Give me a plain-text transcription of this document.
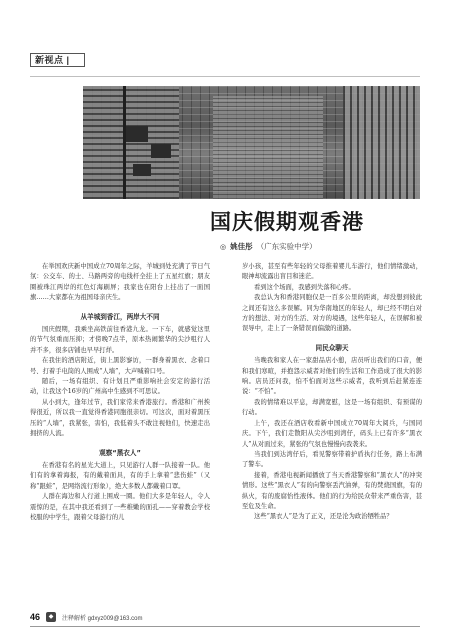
新视点 |
国庆假期观香港
◎ 姚佳彤 （广东实验中学）

在举国欢庆新中国成立70周年之际，羊城到处充满了节日气氛：公交车、的士、马路两旁的电线杆全挂上了五星红旗；朋友圈被珠江两岸的红色灯海刷屏；我家也在阳台上挂出了一面国旗……大家都在为祖国母亲庆生。

从羊城到香江，两岸大不同

国庆假期，我乘坐高铁前往香港九龙。一下车，就感觉这里的节气氛重而压抑；才傍晚7点半，原本热闹繁华的尖沙咀行人并不多，很多店铺也早早打烊。

在我住的酒店附近，街上黑影寥访，一群身着黑衣、念着口号、打着手电筒的人围成“人墙”，大声喊着口号。

随后，一场有组织、有计划且严重影响社会安定的游行活动，让我这个16岁的广州高中生感到不可思议。

从小到大，逢年过节，我们家常来香港旅行。香港和广州挨得很近，所以我一直觉得香港同胞很亲切。可这次，面对着黑压压的“人墙”，我紧张，害怕，我低着头不敢注视他们，快速走出拥挤的人流。

观察“黑衣人”

在香港有名的星光大道上，只见游行人群一队接着一队。他们有的拿着海报，有的戴着面具，有的手上拿着“悲伤蛙”（又称“跟蛙”，是网络流行形象），绝大多数人都戴着口罩。

人群在海边和人行道上围成一圈。他们大多是年轻人，令人震惊的是，在其中我还看到了一些稚嫩的面孔——穿着教会学校校服的中学生，跟着父母游行的儿

岁小孩，甚至有些年轻的父母推着婴儿车游行，他们情绪激动，眼神却流露出盲目和迷茫。

看到这个场面，我感到失落和心疼。

我总认为和香港同胞仅是一百多公里的距离，却没想到彼此之间还有这么多误解。同为华南地区的年轻人，却已经不明白对方的想法、对方的生活、对方的境遇，这些年轻人，在误解和被误导中，走上了一条错误而偏激的道路。

同民众聊天

当晚我和家人在一家甜品店小憩，店员听出我们的口音，便和我们寒暄，并抱怨示威者对他们的生活和工作造成了很大的影响。店员还问我，怕不怕面对这些示威者，我听到后赶紧连连说：“不怕”。

我的情绪难以平息，却满宽慰，这是一场有组织、有预谋的行动。

上午，我还在酒店收看新中国成立70周年大阅兵，与国同庆。下午，我们走散阳从尖沙咀到湾仔，码头上已有许多“黑衣人”从对面过来，紧张的气氛也慢慢向我袭来。

当我们到达湾仔后，看见警察带着护盾执行任务，路上布满了警车。

接着，香港电视新闻播放了当天香港警察和“黑衣人”的冲突情形。这些“黑衣人”有的向警察丢汽油弹，有的焚烧国旗，有的纵火，有的废腐怡性液体。他们的行为给民众带来严重伤害，甚至危及生命。

这些“黑衣人”是为了正义，还是沦为政治牺牲品？

46	◆	注释解析 gdxyz009@163.com
